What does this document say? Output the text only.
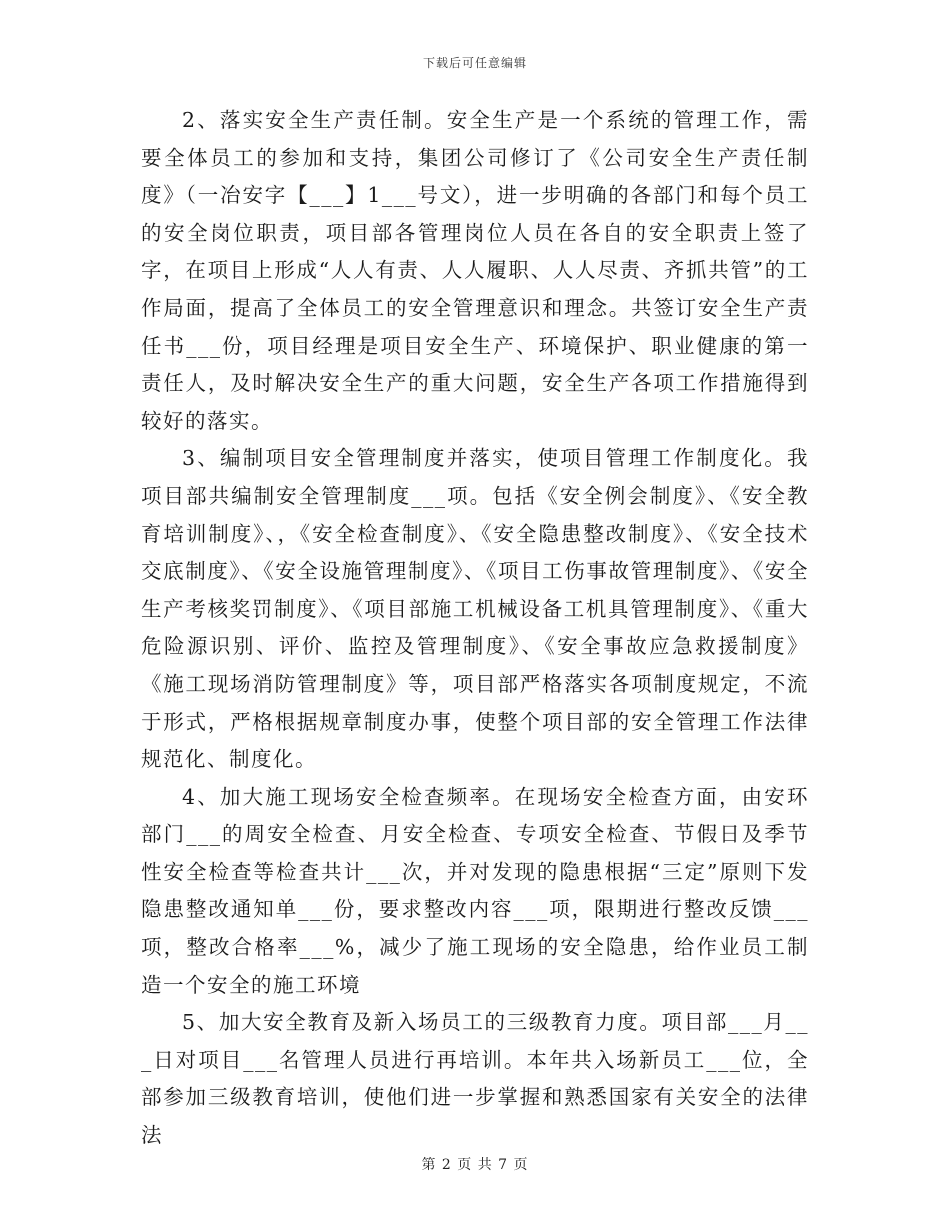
下载后可任意编辑

2、落实安全生产责任制。安全生产是一个系统的管理工作，需要全体员工的参加和支持，集团公司修订了《公司安全生产责任制度》（一冶安字【___】1___号文），进一步明确的各部门和每个员工的安全岗位职责，项目部各管理岗位人员在各自的安全职责上签了字，在项目上形成“人人有责、人人履职、人人尽责、齐抓共管”的工作局面，提高了全体员工的安全管理意识和理念。共签订安全生产责任书___份，项目经理是项目安全生产、环境保护、职业健康的第一责任人，及时解决安全生产的重大问题，安全生产各项工作措施得到较好的落实。

3、编制项目安全管理制度并落实，使项目管理工作制度化。我项目部共编制安全管理制度___项。包括《安全例会制度》、《安全教育培训制度》、，《安全检查制度》、《安全隐患整改制度》、《安全技术交底制度》、《安全设施管理制度》、《项目工伤事故管理制度》、《安全生产考核奖罚制度》、《项目部施工机械设备工机具管理制度》、《重大危险源识别、评价、监控及管理制度》、《安全事故应急救援制度》《施工现场消防管理制度》等，项目部严格落实各项制度规定，不流于形式，严格根据规章制度办事，使整个项目部的安全管理工作法律规范化、制度化。

4、加大施工现场安全检查频率。在现场安全检查方面，由安环部门___的周安全检查、月安全检查、专项安全检查、节假日及季节性安全检查等检查共计___次，并对发现的隐患根据“三定”原则下发隐患整改通知单___份，要求整改内容___项，限期进行整改反馈___项，整改合格率___%，减少了施工现场的安全隐患，给作业员工制造一个安全的施工环境

5、加大安全教育及新入场员工的三级教育力度。项目部___月___日对项目___名管理人员进行再培训。本年共入场新员工___位，全部参加三级教育培训，使他们进一步掌握和熟悉国家有关安全的法律法

第 2 页 共 7 页
